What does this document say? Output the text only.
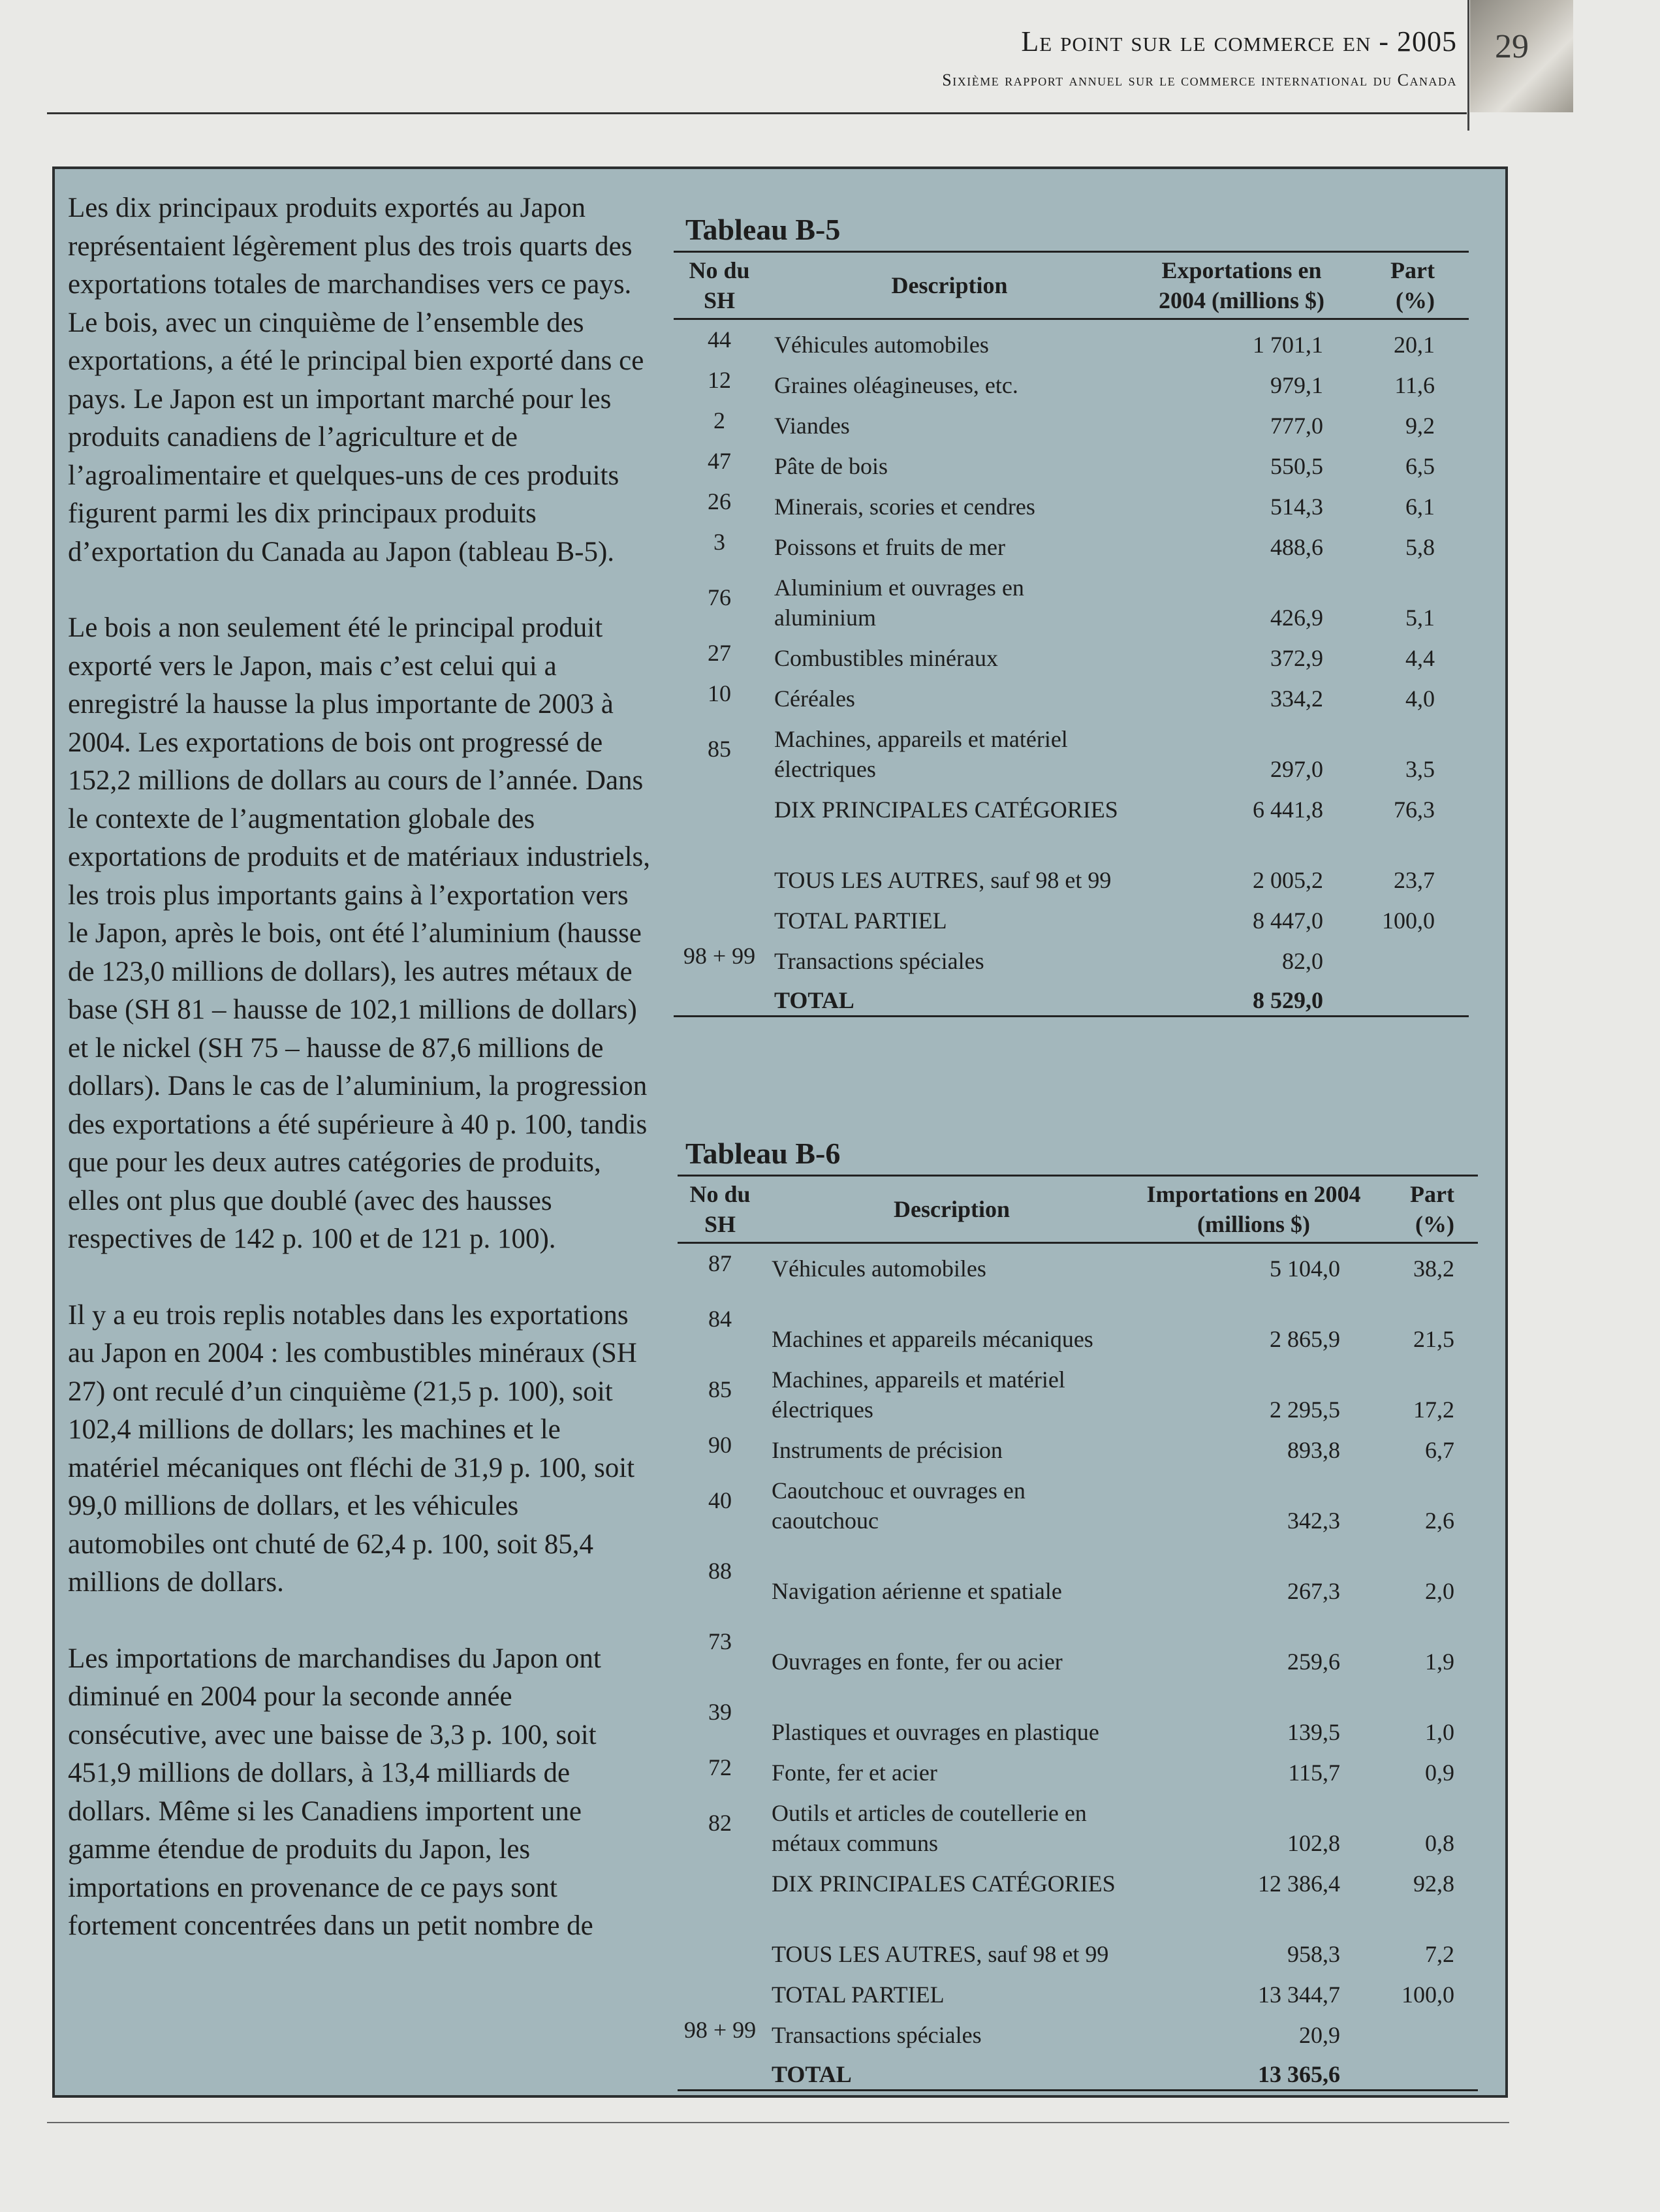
Le point sur le commerce en - 2005
Sixième rapport annuel sur le commerce international du Canada
29

Les dix principaux produits exportés au Japon représentaient légèrement plus des trois quarts des exportations totales de marchandises vers ce pays. Le bois, avec un cinquième de l’ensemble des exportations, a été le principal bien exporté dans ce pays. Le Japon est un important marché pour les produits canadiens de l’agriculture et de l’agroalimentaire et quelques-uns de ces produits figurent parmi les dix principaux produits d’exportation du Canada au Japon (tableau B-5).

Le bois a non seulement été le principal produit exporté vers le Japon, mais c’est celui qui a enregistré la hausse la plus importante de 2003 à 2004. Les exportations de bois ont progressé de 152,2 millions de dollars au cours de l’année. Dans le contexte de l’augmentation globale des exportations de produits et de matériaux industriels, les trois plus importants gains à l’exportation vers le Japon, après le bois, ont été l’aluminium (hausse de 123,0 millions de dollars), les autres métaux de base (SH 81 – hausse de 102,1 millions de dollars) et le nickel (SH 75 – hausse de 87,6 millions de dollars). Dans le cas de l’aluminium, la progression des exportations a été supérieure à 40 p. 100, tandis que pour les deux autres catégories de produits, elles ont plus que doublé (avec des hausses respectives de 142 p. 100 et de 121 p. 100).

Il y a eu trois replis notables dans les exportations au Japon en 2004 : les combustibles minéraux (SH 27) ont reculé d’un cinquième (21,5 p. 100), soit 102,4 millions de dollars; les machines et le matériel mécaniques ont fléchi de 31,9 p. 100, soit 99,0 millions de dollars, et les véhicules automobiles ont chuté de 62,4 p. 100, soit 85,4 millions de dollars.

Les importations de marchandises du Japon ont diminué en 2004 pour la seconde année consécutive, avec une baisse de 3,3 p. 100, soit 451,9 millions de dollars, à 13,4 milliards de dollars. Même si les Canadiens importent une gamme étendue de produits du Japon, les importations en provenance de ce pays sont fortement concentrées dans un petit nombre de

Tableau B-5
No du SH	Description	Exportations en 2004 (millions $)	Part (%)
44	Véhicules automobiles	1 701,1	20,1
12	Graines oléagineuses, etc.	979,1	11,6
2	Viandes	777,0	9,2
47	Pâte de bois	550,5	6,5
26	Minerais, scories et cendres	514,3	6,1
3	Poissons et fruits de mer	488,6	5,8
76	Aluminium et ouvrages en aluminium	426,9	5,1
27	Combustibles minéraux	372,9	4,4
10	Céréales	334,2	4,0
85	Machines, appareils et matériel électriques	297,0	3,5
	DIX PRINCIPALES CATÉGORIES	6 441,8	76,3
	TOUS LES AUTRES, sauf 98 et 99	2 005,2	23,7
	TOTAL PARTIEL	8 447,0	100,0
98 + 99	Transactions spéciales	82,0	
	TOTAL	8 529,0	
Tableau B-6
No du SH	Description	Importations en 2004 (millions $)	Part (%)
87	Véhicules automobiles	5 104,0	38,2
84	Machines et appareils mécaniques	2 865,9	21,5
85	Machines, appareils et matériel électriques	2 295,5	17,2
90	Instruments de précision	893,8	6,7
40	Caoutchouc et ouvrages en caoutchouc	342,3	2,6
88	Navigation aérienne et spatiale	267,3	2,0
73	Ouvrages en fonte, fer ou acier	259,6	1,9
39	Plastiques et ouvrages en plastique	139,5	1,0
72	Fonte, fer et acier	115,7	0,9
82	Outils et articles de coutellerie en métaux communs	102,8	0,8
	DIX PRINCIPALES CATÉGORIES	12 386,4	92,8
	TOUS LES AUTRES, sauf 98 et 99	958,3	7,2
	TOTAL PARTIEL	13 344,7	100,0
98 + 99	Transactions spéciales	20,9	
	TOTAL	13 365,6	
